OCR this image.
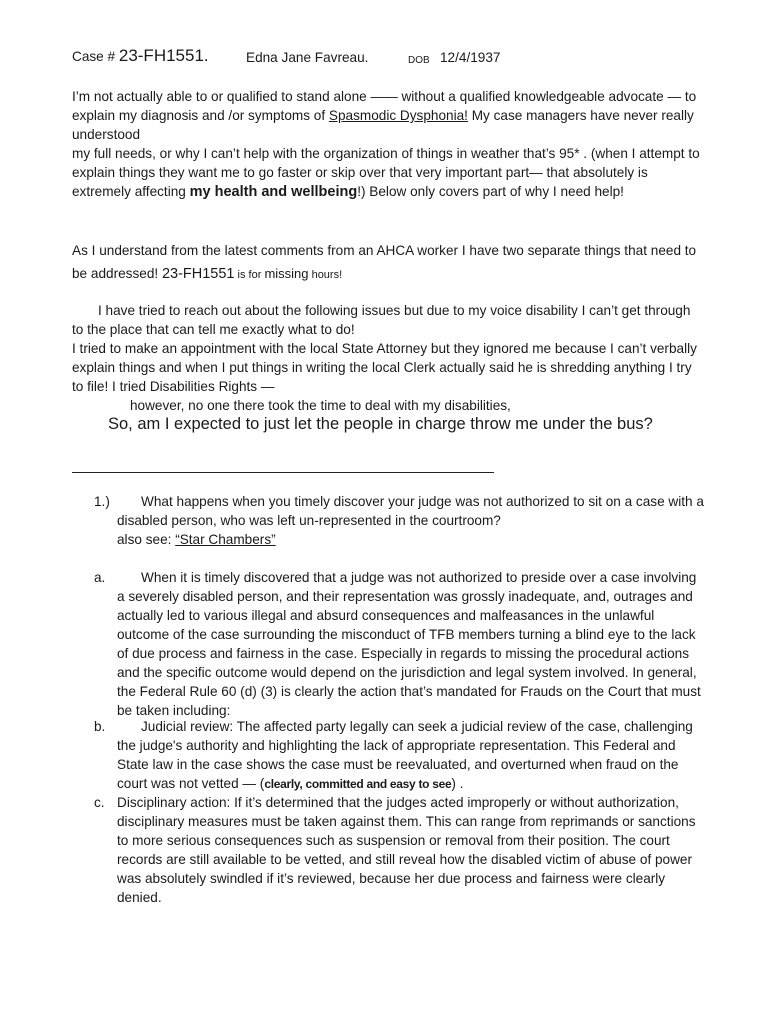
Case # 23-FH1551.	Edna Jane Favreau.	DOB 12/4/1937

I’m not actually able to or qualified to stand alone —— without a qualified knowledgeable advocate — to explain my diagnosis and /or symptoms of Spasmodic Dysphonia! My case managers have never really understood

my full needs, or why I can’t help with the organization of things in weather that’s 95* . (when I attempt to explain things they want me to go faster or skip over that very important part— that absolutely is extremely affecting my health and wellbeing!) Below only covers part of why I need help!

As I understand from the latest comments from an AHCA worker I have two separate things that need to be addressed! 23-FH1551 is for missing hours!

I have tried to reach out about the following issues but due to my voice disability I can’t get through to the place that can tell me exactly what to do!

I tried to make an appointment with the local State Attorney but they ignored me because I can’t verbally explain things and when I put things in writing the local Clerk actually said he is shredding anything I try to file! I tried Disabilities Rights —

however, no one there took the time to deal with my disabilities,

So, am I expected to just let the people in charge throw me under the bus?
1.)	What happens when you timely discover your judge was not authorized to sit on a case with a disabled person, who was left un-represented in the courtroom?

also see: “Star Chambers”

a.	When it is timely discovered that a judge was not authorized to preside over a case involving a severely disabled person, and their representation was grossly inadequate, and, outrages and actually led to various illegal and absurd consequences and malfeasances in the unlawful outcome of the case surrounding the misconduct of TFB members turning a blind eye to the lack of due process and fairness in the case. Especially in regards to missing the procedural actions and the specific outcome would depend on the jurisdiction and legal system involved. In general, the Federal Rule 60 (d) (3) is clearly the action that’s mandated for Frauds on the Court that must be taken including:

b.	Judicial review: The affected party legally can seek a judicial review of the case, challenging the judge's authority and highlighting the lack of appropriate representation. This Federal and State law in the case shows the case must be reevaluated, and overturned when fraud on the court was not vetted — (clearly, committed and easy to see) .

c. Disciplinary action: If it’s determined that the judges acted improperly or without authorization, disciplinary measures must be taken against them. This can range from reprimands or sanctions to more serious consequences such as suspension or removal from their position. The court records are still available to be vetted, and still reveal how the disabled victim of abuse of power was absolutely swindled if it’s reviewed, because her due process and fairness were clearly denied.
